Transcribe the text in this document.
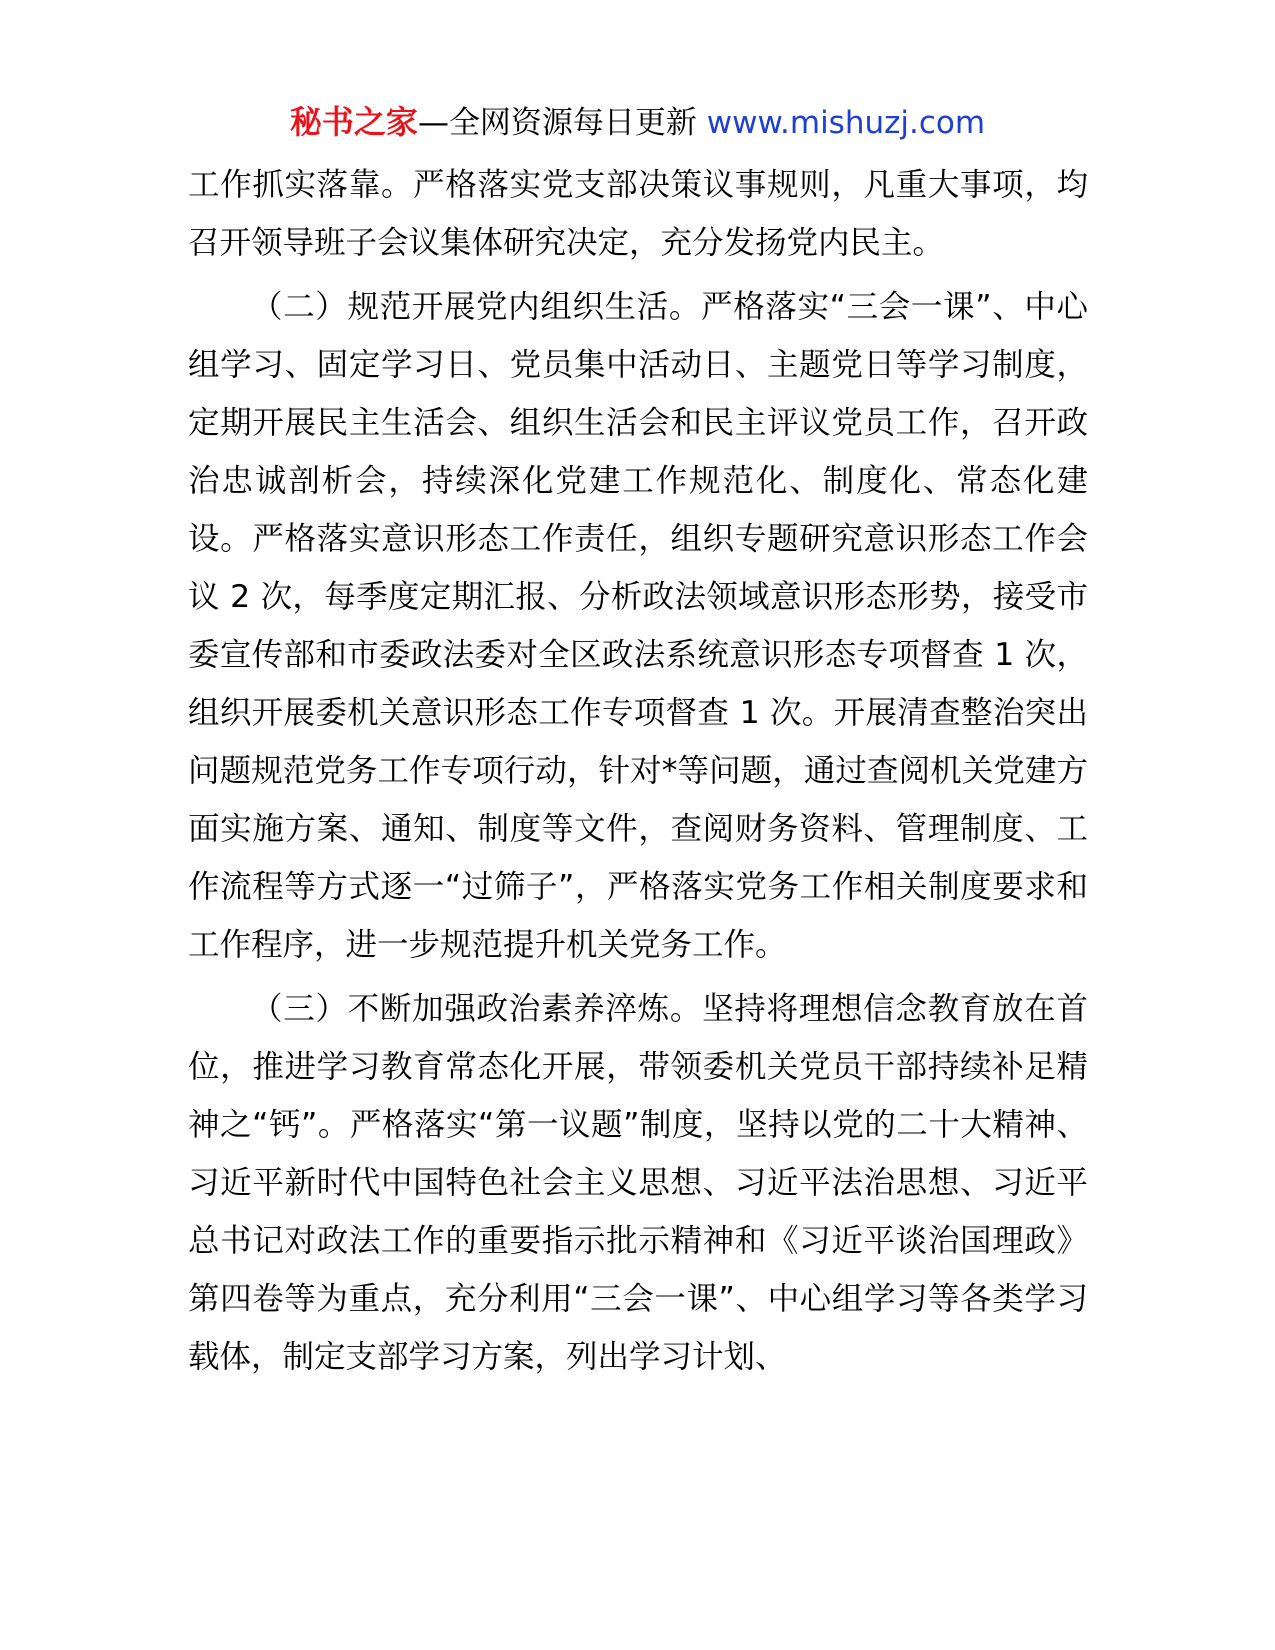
秘书之家—全网资源每日更新 www.mishuzj.com

工作抓实落靠。严格落实党支部决策议事规则，凡重大事项，均召开领导班子会议集体研究决定，充分发扬党内民主。

（二）规范开展党内组织生活。严格落实“三会一课”、中心组学习、固定学习日、党员集中活动日、主题党日等学习制度，定期开展民主生活会、组织生活会和民主评议党员工作，召开政治忠诚剖析会，持续深化党建工作规范化、制度化、常态化建设。严格落实意识形态工作责任，组织专题研究意识形态工作会议 2 次，每季度定期汇报、分析政法领域意识形态形势，接受市委宣传部和市委政法委对全区政法系统意识形态专项督查 1 次，组织开展委机关意识形态工作专项督查 1 次。开展清查整治突出问题规范党务工作专项行动，针对*等问题，通过查阅机关党建方面实施方案、通知、制度等文件，查阅财务资料、管理制度、工作流程等方式逐一“过筛子”，严格落实党务工作相关制度要求和工作程序，进一步规范提升机关党务工作。

（三）不断加强政治素养淬炼。坚持将理想信念教育放在首位，推进学习教育常态化开展，带领委机关党员干部持续补足精神之“钙”。严格落实“第一议题”制度，坚持以党的二十大精神、习近平新时代中国特色社会主义思想、习近平法治思想、习近平总书记对政法工作的重要指示批示精神和《习近平谈治国理政》第四卷等为重点，充分利用“三会一课”、中心组学习等各类学习载体，制定支部学习方案，列出学习计划、
